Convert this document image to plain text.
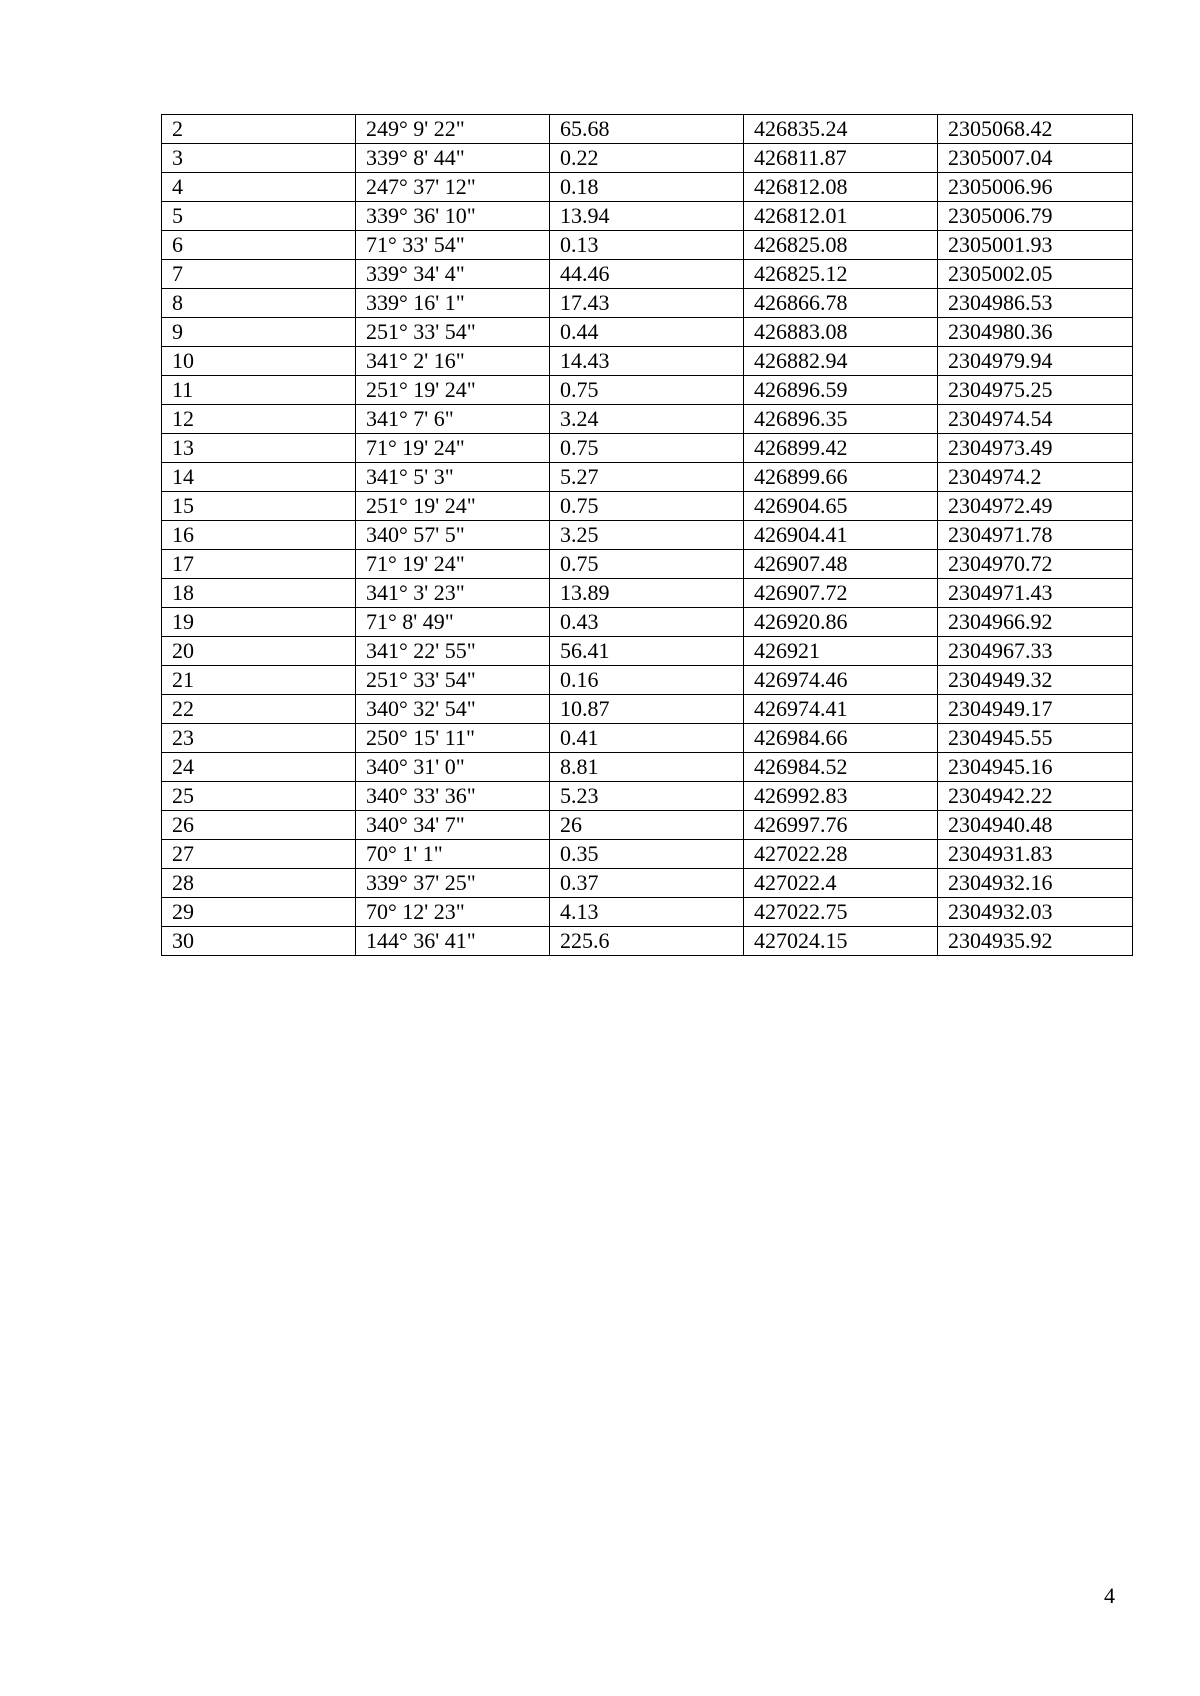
2	249° 9' 22"	65.68	426835.24	2305068.42
3	339° 8' 44"	0.22	426811.87	2305007.04
4	247° 37' 12"	0.18	426812.08	2305006.96
5	339° 36' 10"	13.94	426812.01	2305006.79
6	71° 33' 54"	0.13	426825.08	2305001.93
7	339° 34' 4"	44.46	426825.12	2305002.05
8	339° 16' 1"	17.43	426866.78	2304986.53
9	251° 33' 54"	0.44	426883.08	2304980.36
10	341° 2' 16"	14.43	426882.94	2304979.94
11	251° 19' 24"	0.75	426896.59	2304975.25
12	341° 7' 6"	3.24	426896.35	2304974.54
13	71° 19' 24"	0.75	426899.42	2304973.49
14	341° 5' 3"	5.27	426899.66	2304974.2
15	251° 19' 24"	0.75	426904.65	2304972.49
16	340° 57' 5"	3.25	426904.41	2304971.78
17	71° 19' 24"	0.75	426907.48	2304970.72
18	341° 3' 23"	13.89	426907.72	2304971.43
19	71° 8' 49"	0.43	426920.86	2304966.92
20	341° 22' 55"	56.41	426921	2304967.33
21	251° 33' 54"	0.16	426974.46	2304949.32
22	340° 32' 54"	10.87	426974.41	2304949.17
23	250° 15' 11"	0.41	426984.66	2304945.55
24	340° 31' 0"	8.81	426984.52	2304945.16
25	340° 33' 36"	5.23	426992.83	2304942.22
26	340° 34' 7"	26	426997.76	2304940.48
27	70° 1' 1"	0.35	427022.28	2304931.83
28	339° 37' 25"	0.37	427022.4	2304932.16
29	70° 12' 23"	4.13	427022.75	2304932.03
30	144° 36' 41"	225.6	427024.15	2304935.92
4
